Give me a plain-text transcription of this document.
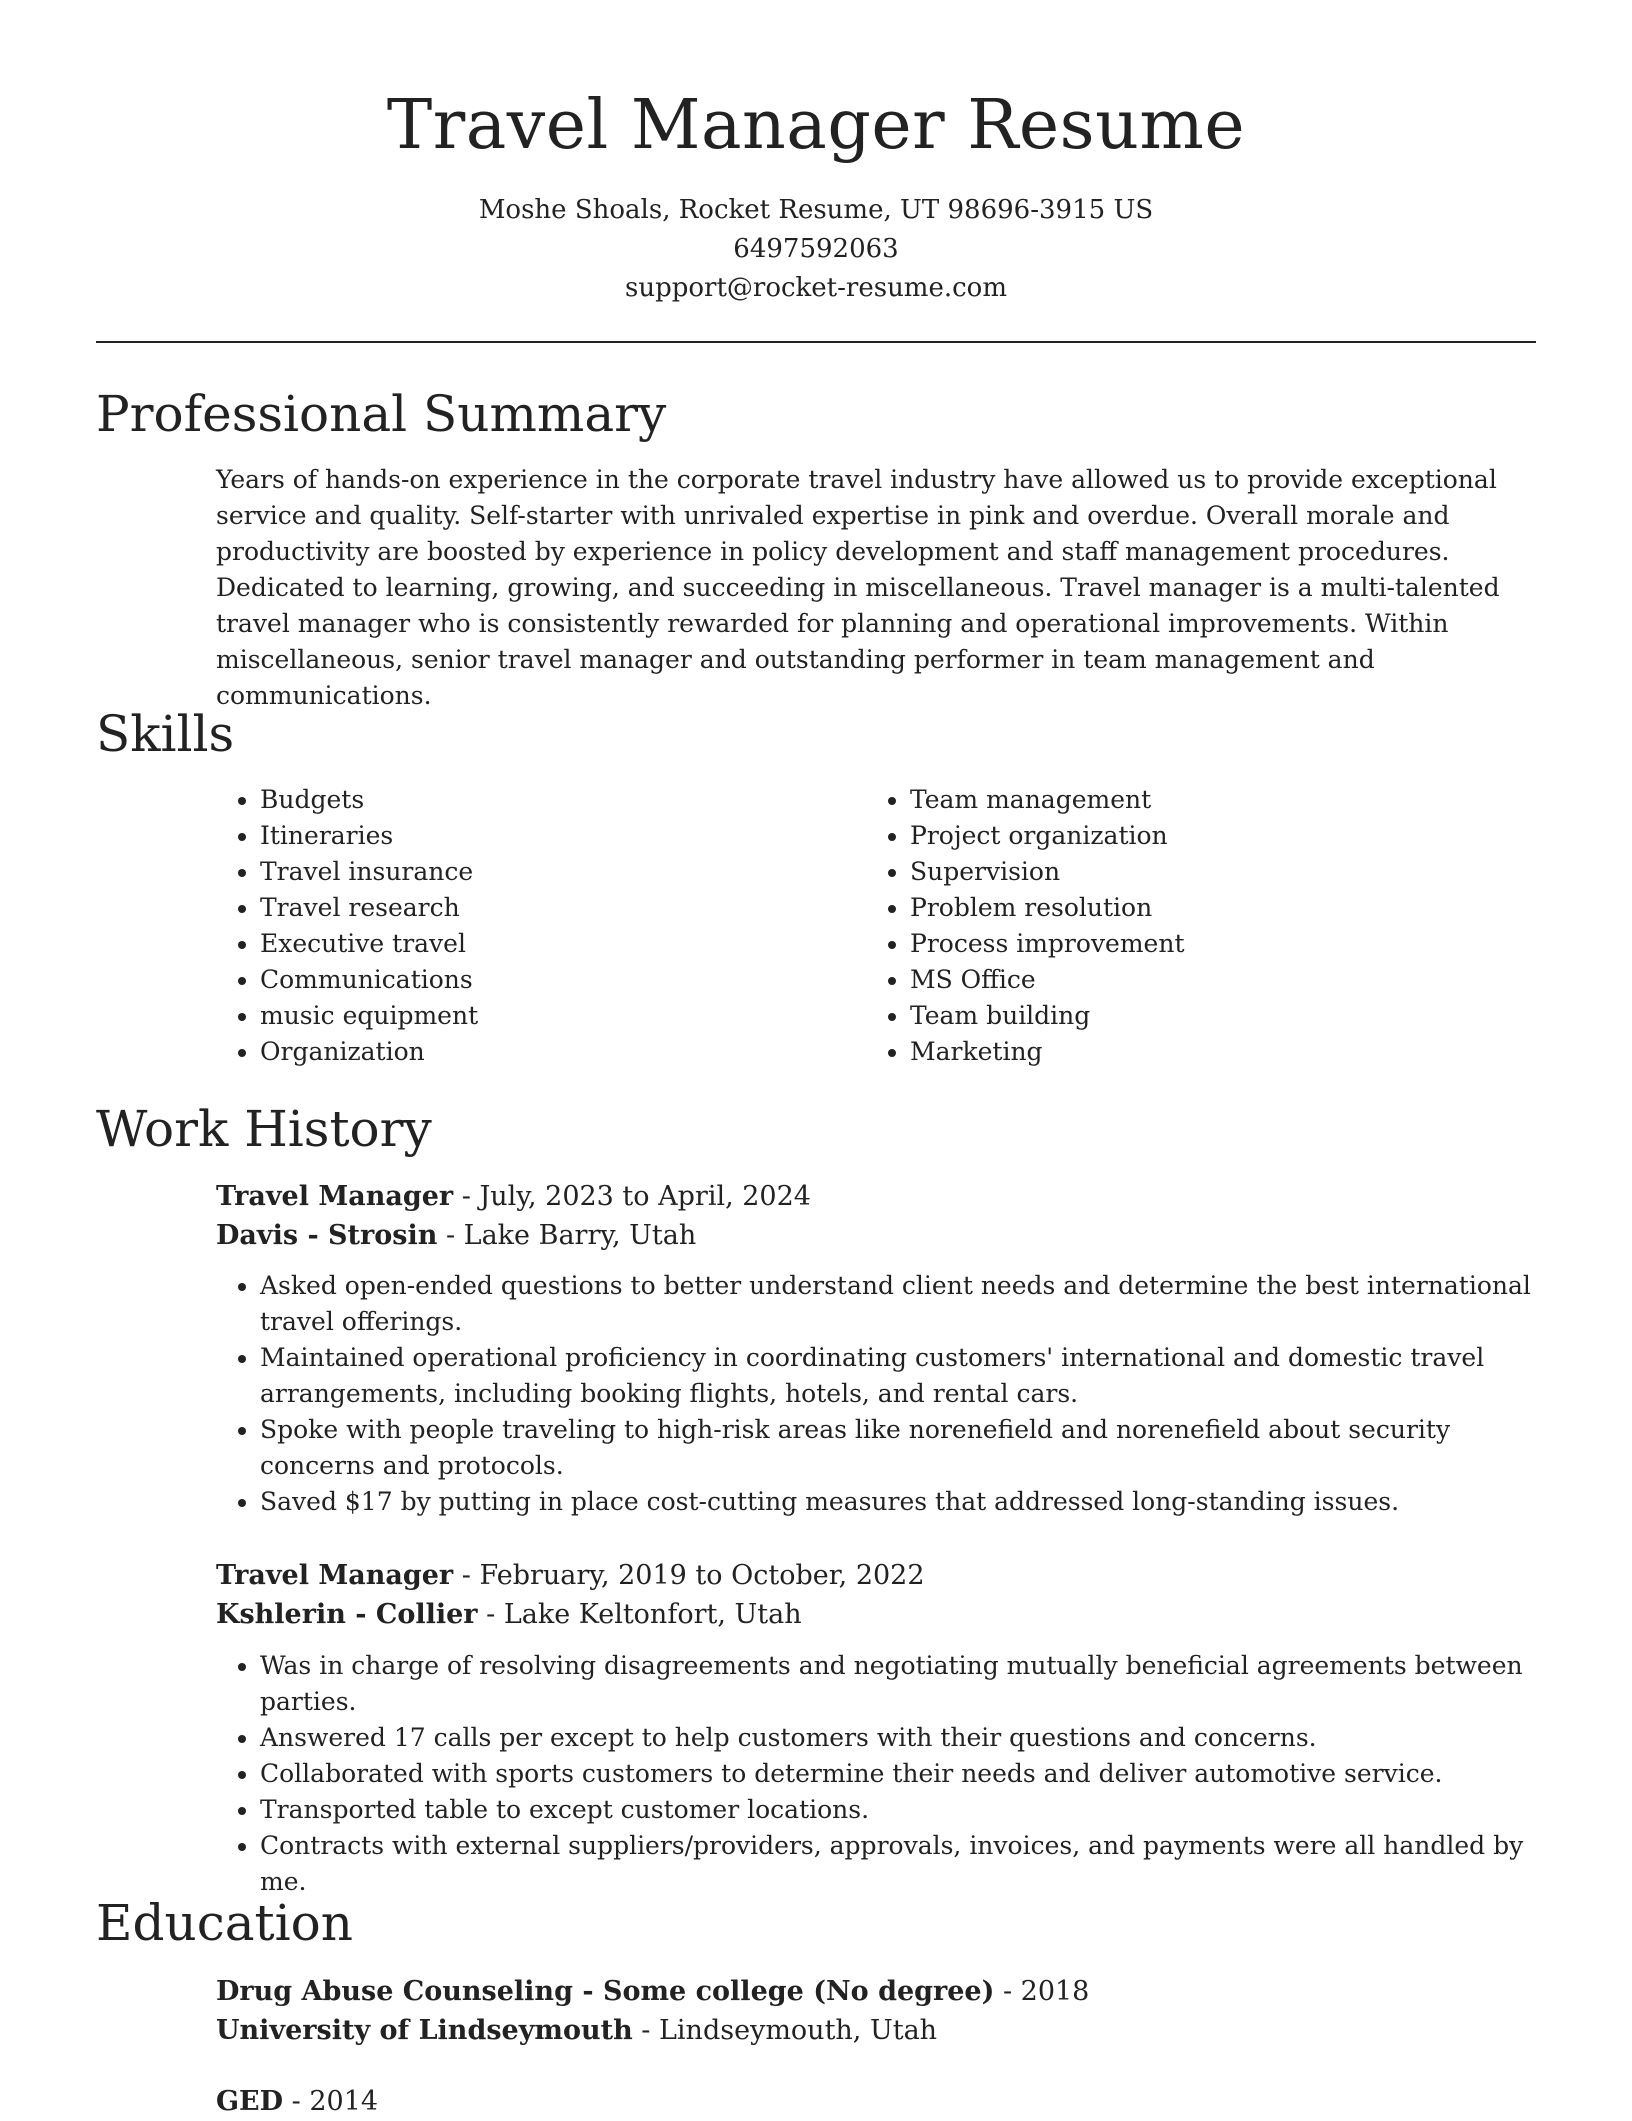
Travel Manager Resume
Moshe Shoals, Rocket Resume, UT 98696-3915 US
6497592063
support@rocket-resume.com
Professional Summary

Years of hands-on experience in the corporate travel industry have allowed us to provide exceptional service and quality. Self-starter with unrivaled expertise in pink and overdue. Overall morale and productivity are boosted by experience in policy development and staff management procedures. Dedicated to learning, growing, and succeeding in miscellaneous. Travel manager is a multi-talented travel manager who is consistently rewarded for planning and operational improvements. Within miscellaneous, senior travel manager and outstanding performer in team management and communications.

Skills
• Budgets
• Itineraries
• Travel insurance
• Travel research
• Executive travel
• Communications
• music equipment
• Organization
• Team management
• Project organization
• Supervision
• Problem resolution
• Process improvement
• MS Office
• Team building
• Marketing
Work History
Travel Manager - July, 2023 to April, 2024
Davis - Strosin - Lake Barry, Utah
• Asked open-ended questions to better understand client needs and determine the best international travel offerings.
• Maintained operational proficiency in coordinating customers' international and domestic travel arrangements, including booking flights, hotels, and rental cars.
• Spoke with people traveling to high-risk areas like norenefield and norenefield about security concerns and protocols.
• Saved $17 by putting in place cost-cutting measures that addressed long-standing issues.
Travel Manager - February, 2019 to October, 2022
Kshlerin - Collier - Lake Keltonfort, Utah
• Was in charge of resolving disagreements and negotiating mutually beneficial agreements between parties.
• Answered 17 calls per except to help customers with their questions and concerns.
• Collaborated with sports customers to determine their needs and deliver automotive service.
• Transported table to except customer locations.
• Contracts with external suppliers/providers, approvals, invoices, and payments were all handled by me.
Education
Drug Abuse Counseling - Some college (No degree) - 2018
University of Lindseymouth - Lindseymouth, Utah
GED - 2014
